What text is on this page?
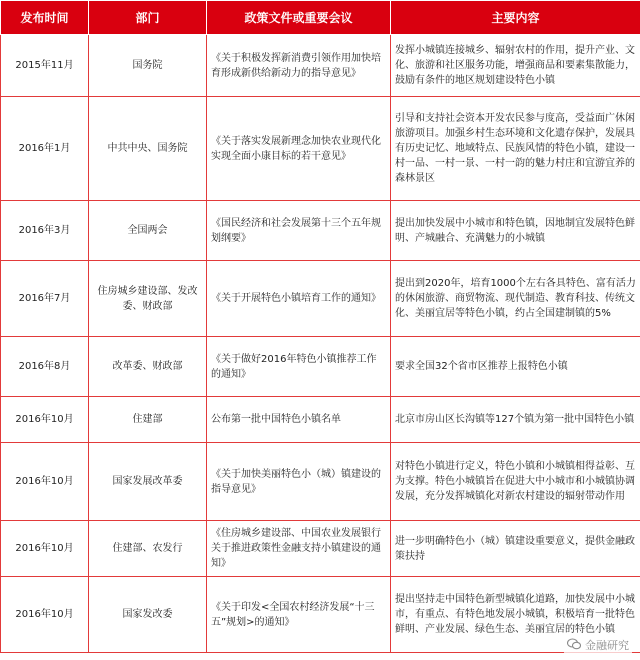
发布时间	部门	政策文件或重要会议	主要内容
2015年11月	国务院	《关于积极发挥新消费引领作用加快培育形成新供给新动力的指导意见》	发挥小城镇连接城乡、辐射农村的作用，提升产业、文化、旅游和社区服务功能，增强商品和要素集散能力，鼓励有条件的地区规划建设特色小镇
2016年1月	中共中央、国务院	《关于落实发展新理念加快农业现代化实现全面小康目标的若干意见》	引导和支持社会资本开发农民参与度高，受益面广休闲旅游项目。加强乡村生态环境和文化遗存保护，发展具有历史记忆、地域特点、民族风情的特色小镇，建设一村一品、一村一景、一村一韵的魅力村庄和宜游宜养的森林景区
2016年3月	全国两会	《国民经济和社会发展第十三个五年规划纲要》	提出加快发展中小城市和特色镇，因地制宜发展特色鲜明、产城融合、充满魅力的小城镇
2016年7月	住房城乡建设部、发改委、财政部	《关于开展特色小镇培育工作的通知》	提出到2020年，培育1000个左右各具特色、富有活力的休闲旅游、商贸物流、现代制造、教育科技、传统文化、美丽宜居等特色小镇，约占全国建制镇的5%
2016年8月	改革委、财政部	《关于做好2016年特色小镇推荐工作的通知》	要求全国32个省市区推荐上报特色小镇
2016年10月	住建部	公布第一批中国特色小镇名单	北京市房山区长沟镇等127个镇为第一批中国特色小镇
2016年10月	国家发展改革委	《关于加快美丽特色小（城）镇建设的指导意见》	对特色小镇进行定义，特色小镇和小城镇相得益彰、互为支撑。特色小城镇旨在促进大中小城市和小城镇协调发展，充分发挥城镇化对新农村建设的辐射带动作用
2016年10月	住建部、农发行	《住房城乡建设部、中国农业发展银行关于推进政策性金融支持小镇建设的通知》	进一步明确特色小（城）镇建设重要意义，提供金融政策扶持
2016年10月	国家发改委	《关于印发<全国农村经济发展“十三五”规划>的通知》	提出坚持走中国特色新型城镇化道路，加快发展中小城市，有重点、有特色地发展小城镇，积极培育一批特色鲜明、产业发展、绿色生态、美丽宜居的特色小镇
金融研究
